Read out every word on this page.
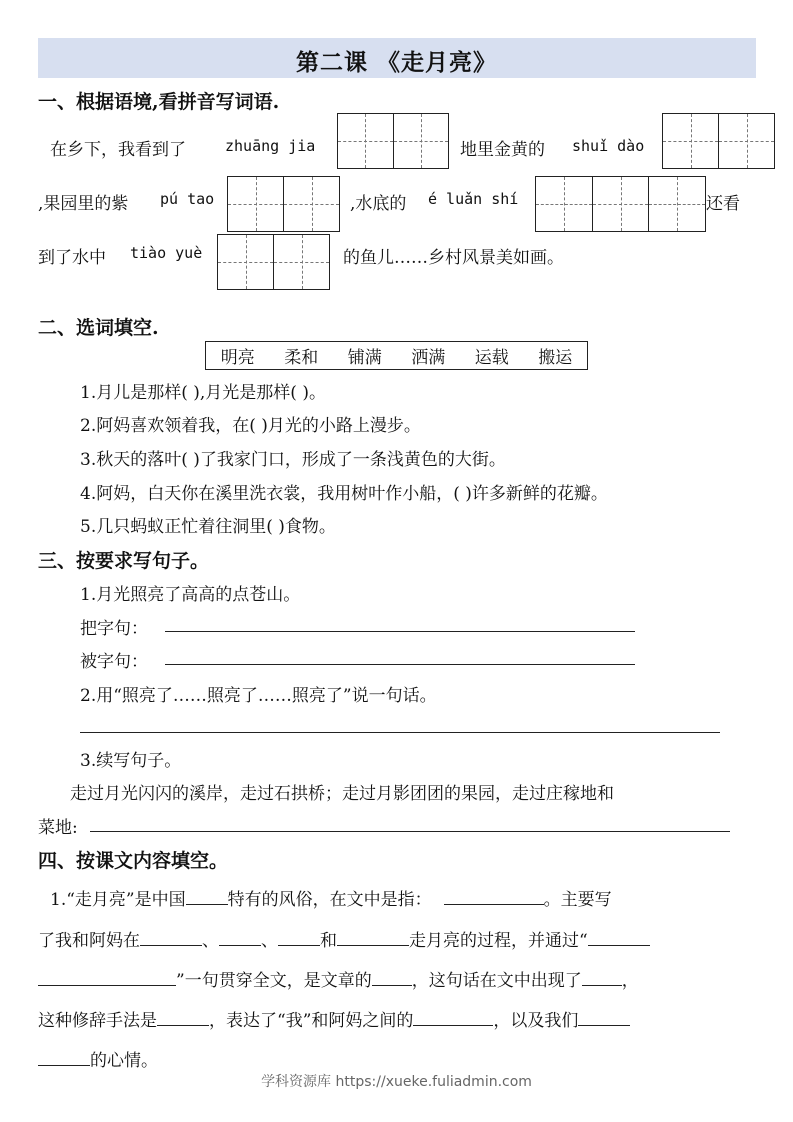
第二课 《走月亮》
一、根据语境,看拼音写词语.
在乡下，我看到了	zhuāng jia	地里金黄的 shuǐ dào
,果园里的紫 pú tao	,水底的 é luǎn shí	还看
到了水中 tiào yuè	的鱼儿……乡村风景美如画。
二、选词填空.
明亮 柔和 铺满 洒满 运载 搬运
1.月儿是那样( ),月光是那样( )。
2.阿妈喜欢领着我，在( )月光的小路上漫步。
3.秋天的落叶( )了我家门口，形成了一条浅黄色的大街。
4.阿妈，白天你在溪里洗衣裳，我用树叶作小船，( )许多新鲜的花瓣。
5.几只蚂蚁正忙着往洞里( )食物。
三、按要求写句子。
1.月光照亮了高高的点苍山。
把字句：
被字句：
2.用“照亮了……照亮了……照亮了”说一句话。
3.续写句子。
走过月光闪闪的溪岸，走过石拱桥；走过月影团团的果园，走过庄稼地和
菜地:
四、按课文内容填空。
1.“走月亮”是中国 特有的风俗，在文中是指：	。主要写
了我和阿妈在	、 、 和	走月亮的过程，并通过“
”一句贯穿全文，是文章的 ，这句话在文中出现了 ，
这种修辞手法是	，表达了“我”和阿妈之间的	，以及我们
的心情。
学科资源库 https://xueke.fuliadmin.com
